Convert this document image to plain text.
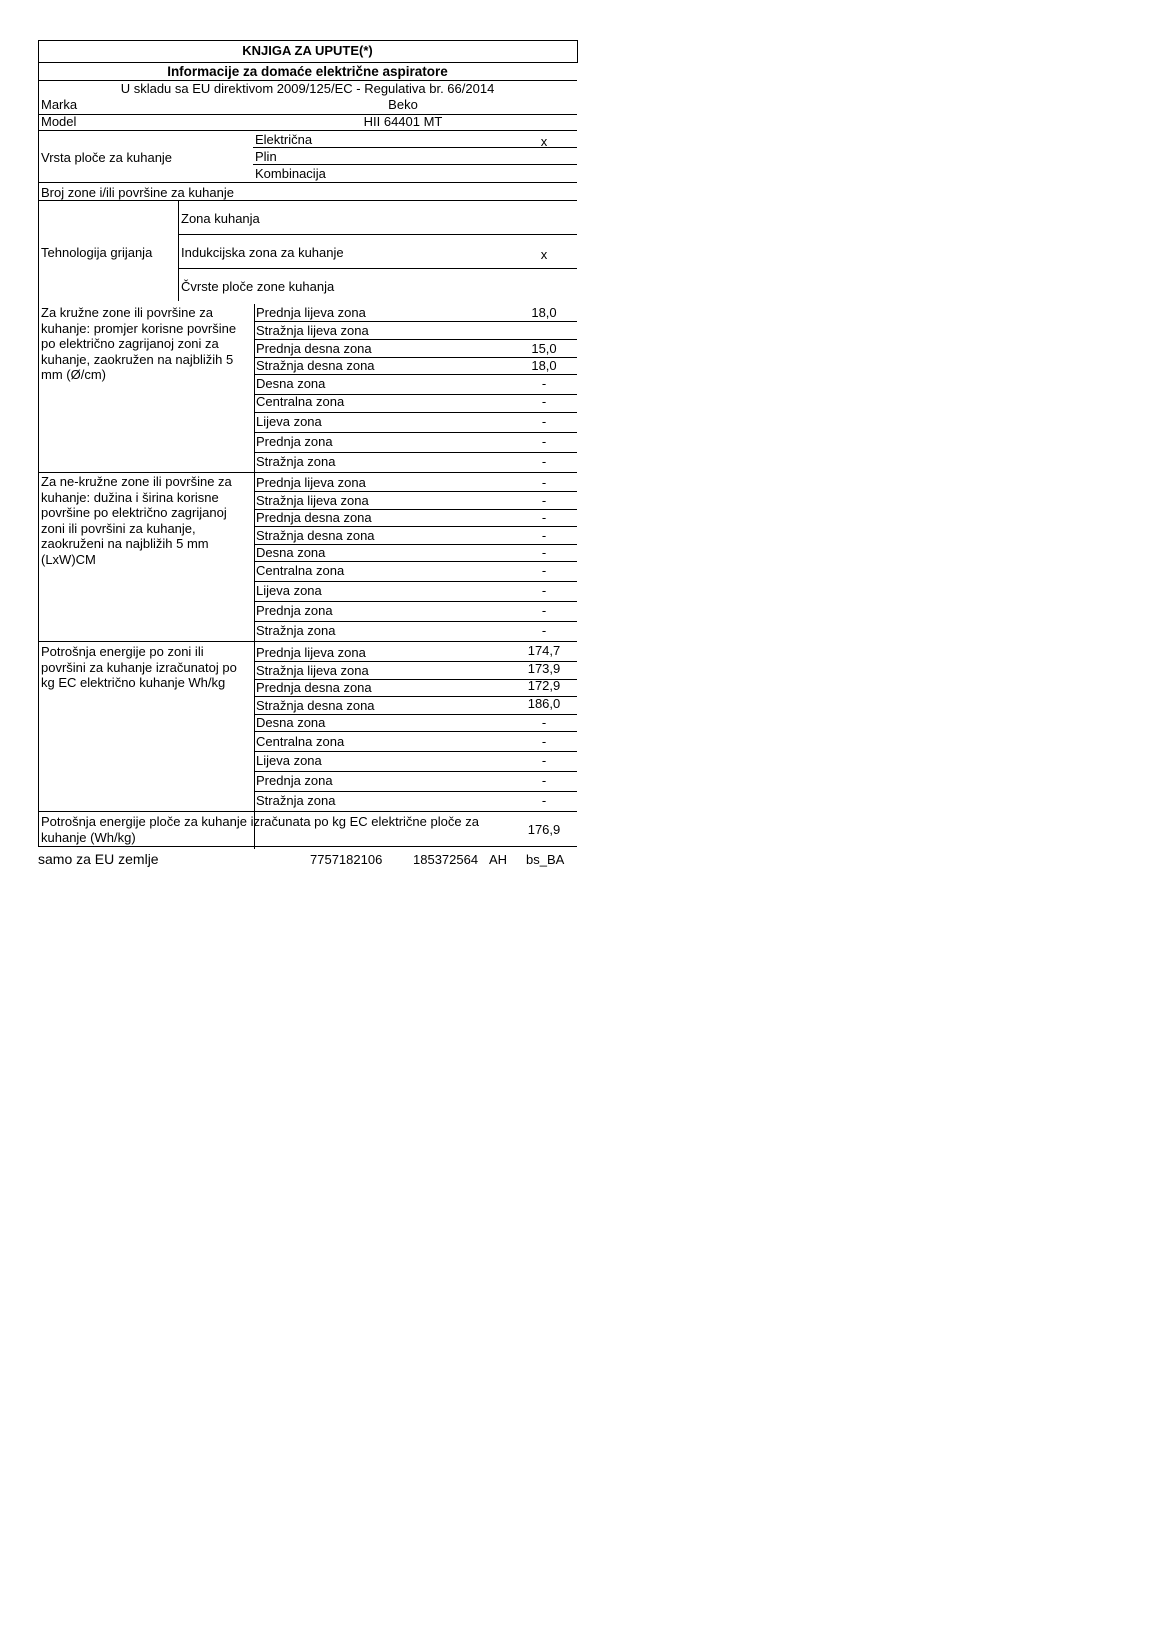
KNJIGA ZA UPUTE(*)
Informacije za domaće električne aspiratore
U skladu sa EU direktivom 2009/125/EC - Regulativa br. 66/2014
Marka	Beko
Model	HII 64401 MT
Vrsta ploče za kuhanje
Električna	x
Plin
Kombinacija
Broj zone i/ili površine za kuhanje
Tehnologija grijanja
Zona kuhanja
Indukcijska zona za kuhanje	x
Čvrste ploče zone kuhanja
Za kružne zone ili površine za kuhanje: promjer korisne površine po električno zagrijanoj zoni za kuhanje, zaokružen na najbližih 5 mm (Ø/cm)
Prednja lijeva zona	18,0
Stražnja lijeva zona
Prednja desna zona	15,0
Stražnja desna zona	18,0
Desna zona	-
Centralna zona	-
Lijeva zona	-
Prednja zona	-
Stražnja zona	-
Za ne-kružne zone ili površine za kuhanje: dužina i širina korisne površine po električno zagrijanoj zoni ili površini za kuhanje, zaokruženi na najbližih 5 mm (LxW)CM
Prednja lijeva zona	-
Stražnja lijeva zona	-
Prednja desna zona	-
Stražnja desna zona	-
Desna zona	-
Centralna zona	-
Lijeva zona	-
Prednja zona	-
Stražnja zona	-
Potrošnja energije po zoni ili površini za kuhanje izračunatoj po kg EC električno kuhanje Wh/kg
Prednja lijeva zona	174,7
Stražnja lijeva zona	173,9
Prednja desna zona	172,9
Stražnja desna zona	186,0
Desna zona	-
Centralna zona	-
Lijeva zona	-
Prednja zona	-
Stražnja zona	-
Potrošnja energije ploče za kuhanje izračunata po kg EC električne ploče za kuhanje (Wh/kg)	176,9
samo za EU zemlje	7757182106 185372564 AH bs_BA
